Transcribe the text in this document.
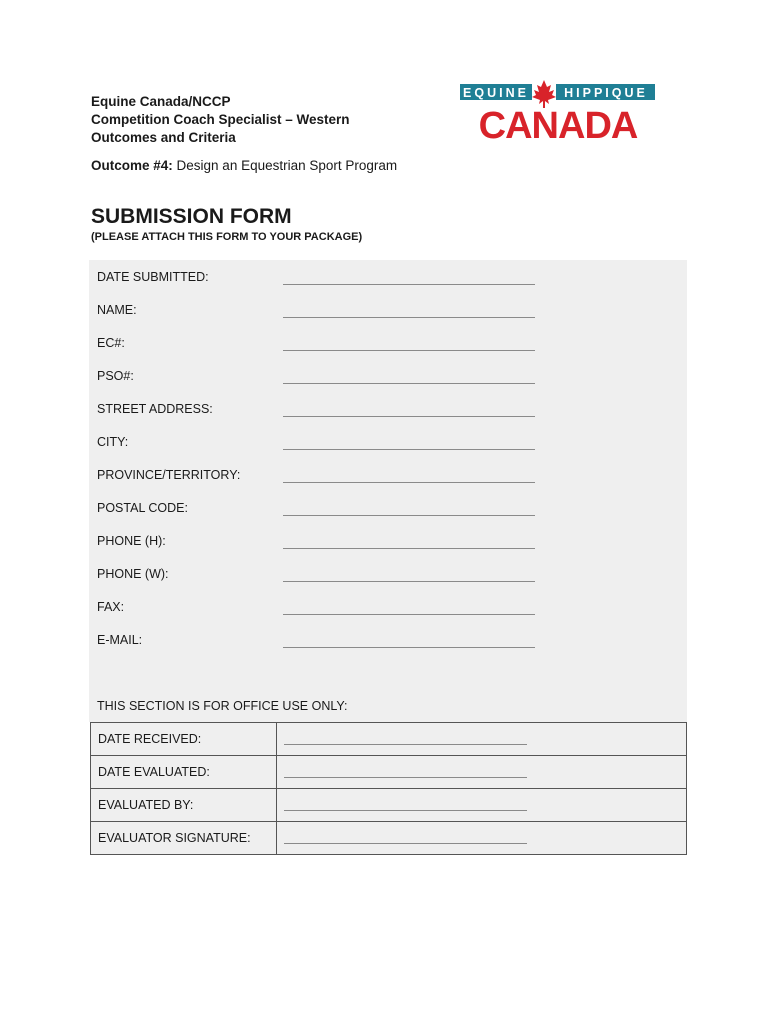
Equine Canada/NCCP
Competition Coach Specialist – Western
Outcomes and Criteria
Outcome #4: Design an Equestrian Sport Program
EQUINE	HIPPIQUE
CANADA
SUBMISSION FORM
(PLEASE ATTACH THIS FORM TO YOUR PACKAGE)
DATE SUBMITTED:
NAME:
EC#:
PSO#:
STREET ADDRESS:
CITY:
PROVINCE/TERRITORY:
POSTAL CODE:
PHONE (H):
PHONE (W):
FAX:
E-MAIL:
THIS SECTION IS FOR OFFICE USE ONLY:
DATE RECEIVED:	

DATE EVALUATED:	

EVALUATED BY:	

EVALUATOR SIGNATURE:	
